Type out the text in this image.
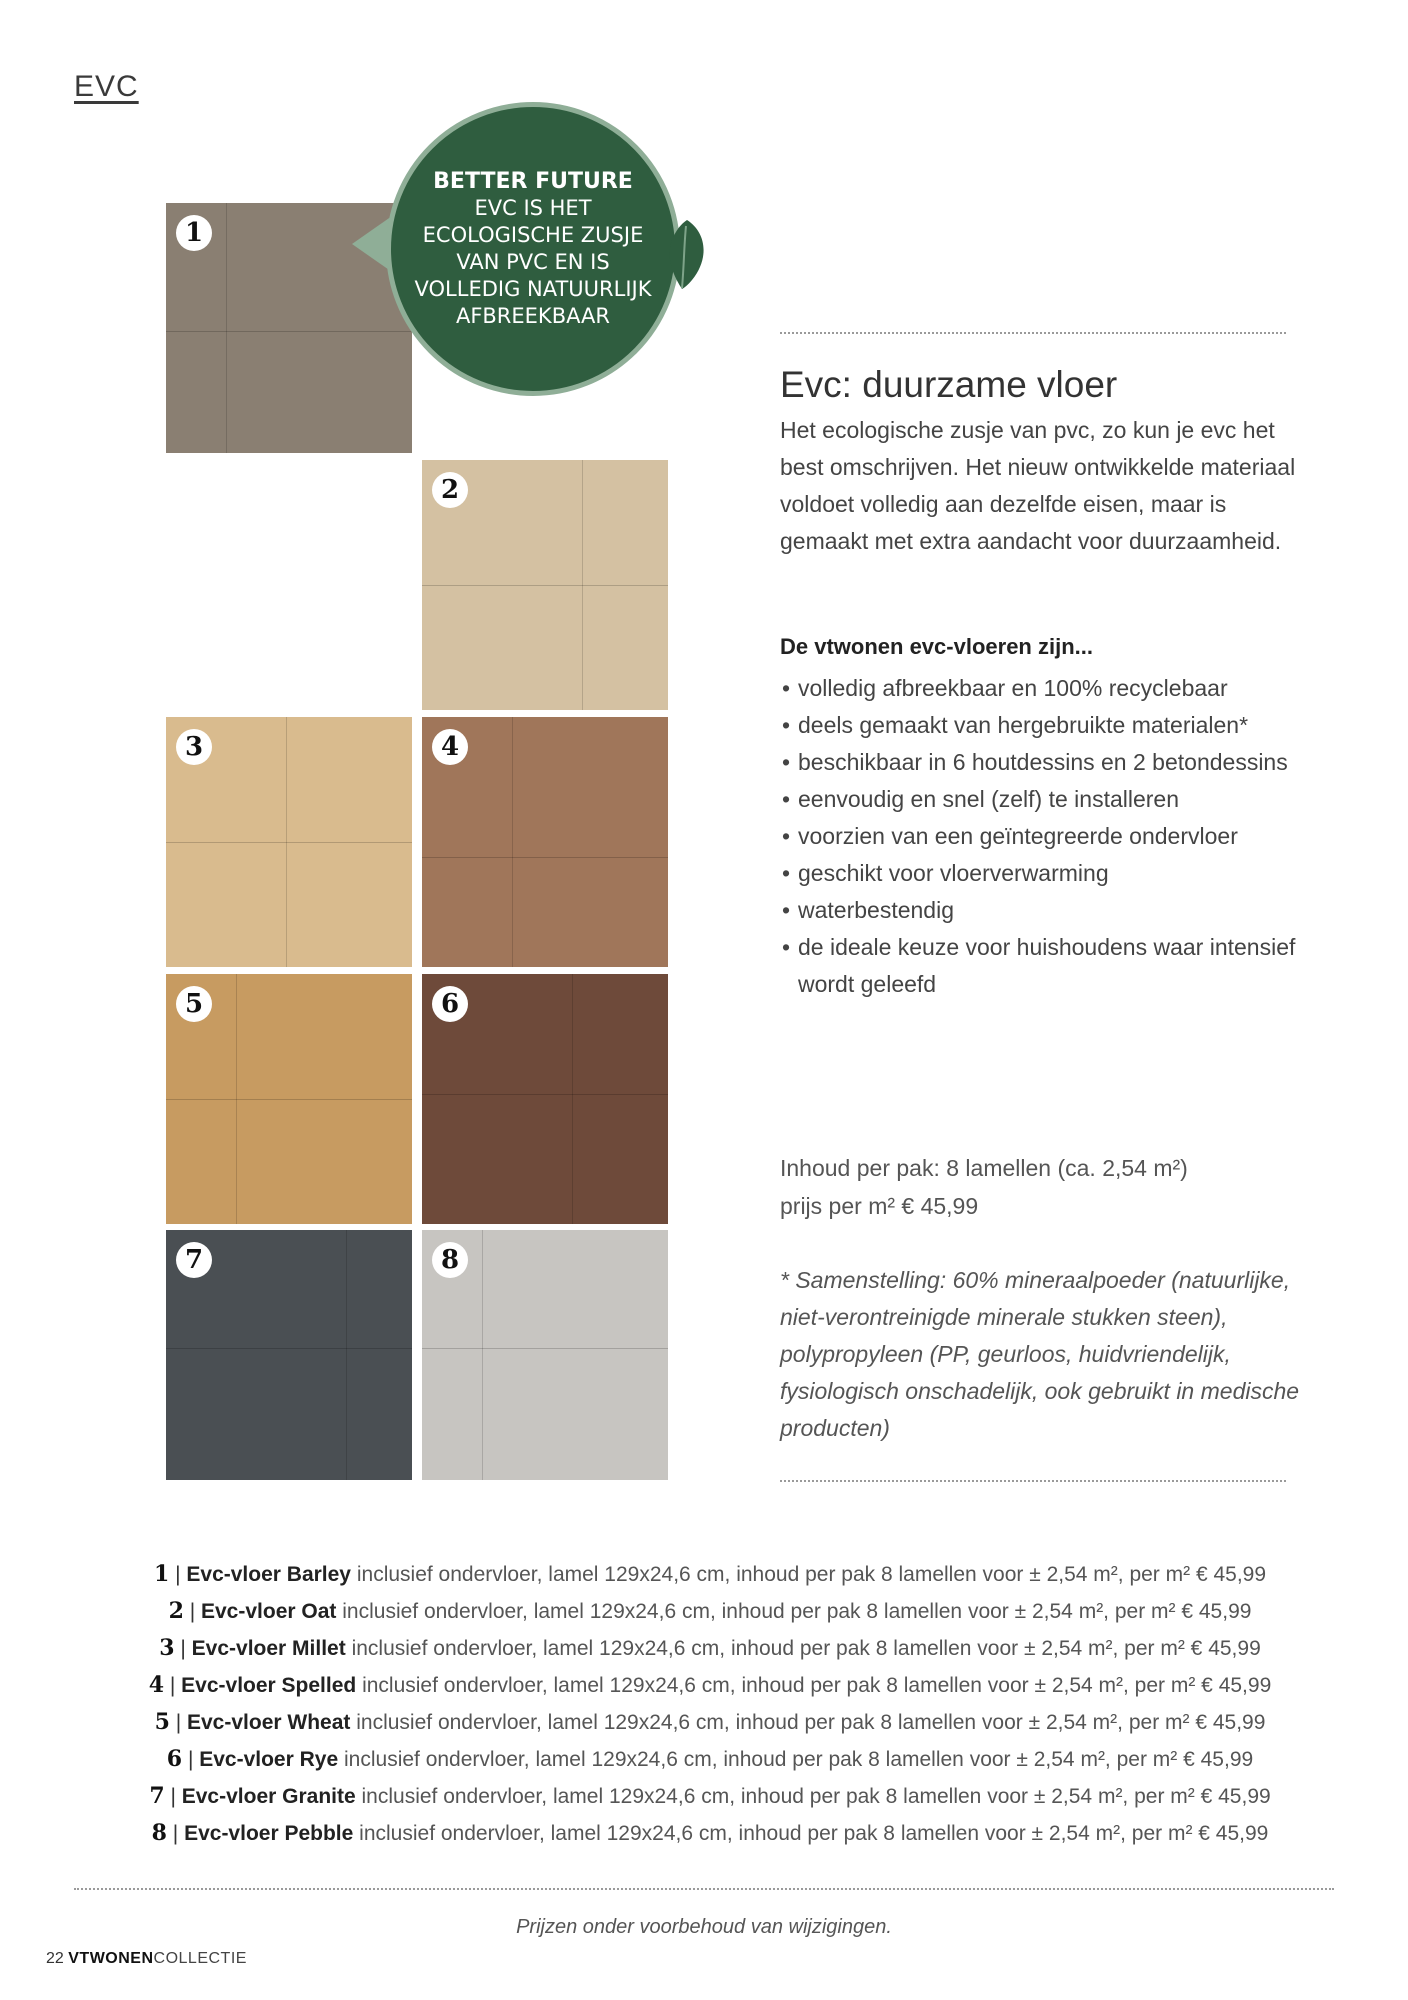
EVC
1
2
3	4
5	6
7	8
BETTER FUTURE
EVC IS HET
ECOLOGISCHE ZUSJE
VAN PVC EN IS
VOLLEDIG NATUURLIJK
AFBREEKBAAR
Evc: duurzame vloer
Het ecologische zusje van pvc, zo kun je evc het best omschrijven. Het nieuw ontwikkelde materiaal voldoet volledig aan dezelfde eisen, maar is gemaakt met extra aandacht voor duurzaamheid.
De vtwonen evc-vloeren zijn...
• volledig afbreekbaar en 100% recyclebaar
• deels gemaakt van hergebruikte materialen*
• beschikbaar in 6 houtdessins en 2 betondessins
• eenvoudig en snel (zelf) te installeren
• voorzien van een geïntegreerde ondervloer
• geschikt voor vloerverwarming
• waterbestendig
• de ideale keuze voor huishoudens waar intensief wordt geleefd
Inhoud per pak: 8 lamellen (ca. 2,54 m²)
prijs per m² € 45,99
* Samenstelling: 60% mineraalpoeder (natuurlijke, niet-verontreinigde minerale stukken steen), polypropyleen (PP, geurloos, huidvriendelijk, fysiologisch onschadelijk, ook gebruikt in medische producten)
1 | Evc-vloer Barley inclusief ondervloer, lamel 129x24,6 cm, inhoud per pak 8 lamellen voor ± 2,54 m², per m² € 45,99
2 | Evc-vloer Oat inclusief ondervloer, lamel 129x24,6 cm, inhoud per pak 8 lamellen voor ± 2,54 m², per m² € 45,99
3 | Evc-vloer Millet inclusief ondervloer, lamel 129x24,6 cm, inhoud per pak 8 lamellen voor ± 2,54 m², per m² € 45,99
4 | Evc-vloer Spelled inclusief ondervloer, lamel 129x24,6 cm, inhoud per pak 8 lamellen voor ± 2,54 m², per m² € 45,99
5 | Evc-vloer Wheat inclusief ondervloer, lamel 129x24,6 cm, inhoud per pak 8 lamellen voor ± 2,54 m², per m² € 45,99
6 | Evc-vloer Rye inclusief ondervloer, lamel 129x24,6 cm, inhoud per pak 8 lamellen voor ± 2,54 m², per m² € 45,99
7 | Evc-vloer Granite inclusief ondervloer, lamel 129x24,6 cm, inhoud per pak 8 lamellen voor ± 2,54 m², per m² € 45,99
8 | Evc-vloer Pebble inclusief ondervloer, lamel 129x24,6 cm, inhoud per pak 8 lamellen voor ± 2,54 m², per m² € 45,99
Prijzen onder voorbehoud van wijzigingen.
22 VTWONENCOLLECTIE
